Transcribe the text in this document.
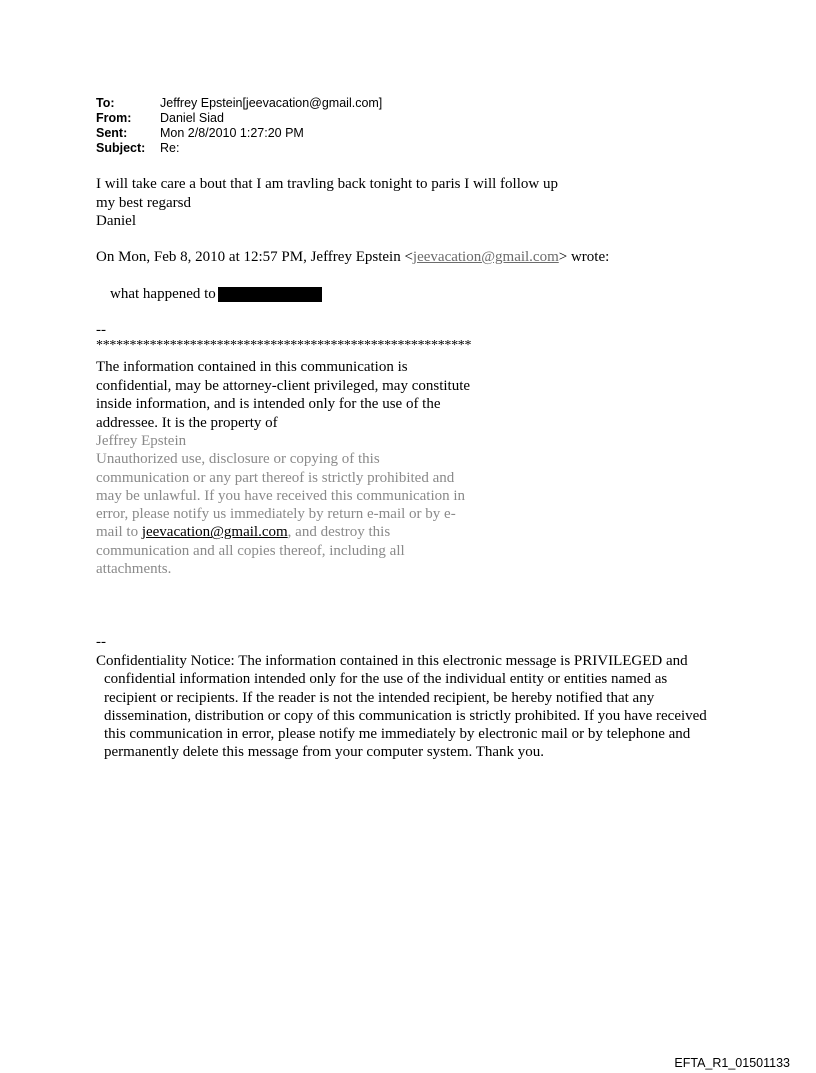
To:	Jeffrey Epstein[jeevacation@gmail.com]
From:	Daniel Siad
Sent:	Mon 2/8/2010 1:27:20 PM
Subject:	Re:
I will take care a bout that I am travling back tonight to paris I will follow up
my best regarsd
Daniel
On Mon, Feb 8, 2010 at 12:57 PM, Jeffrey Epstein <jeevacation@gmail.com> wrote:
what happened to
--
********************************************************
The information contained in this communication is confidential, may be attorney-client privileged, may constitute inside information, and is intended only for the use of the addressee. It is the property of
Jeffrey Epstein
Unauthorized use, disclosure or copying of this communication or any part thereof is strictly prohibited and may be unlawful. If you have received this communication in error, please notify us immediately by return e-mail or by e-mail to jeevacation@gmail.com, and destroy this communication and all copies thereof, including all attachments.
--
Confidentiality Notice: The information contained in this electronic message is PRIVILEGED and confidential information intended only for the use of the individual entity or entities named as recipient or recipients. If the reader is not the intended recipient, be hereby notified that any dissemination, distribution or copy of this communication is strictly prohibited. If you have received this communication in error, please notify me immediately by electronic mail or by telephone and permanently delete this message from your computer system. Thank you.
EFTA_R1_01501133
